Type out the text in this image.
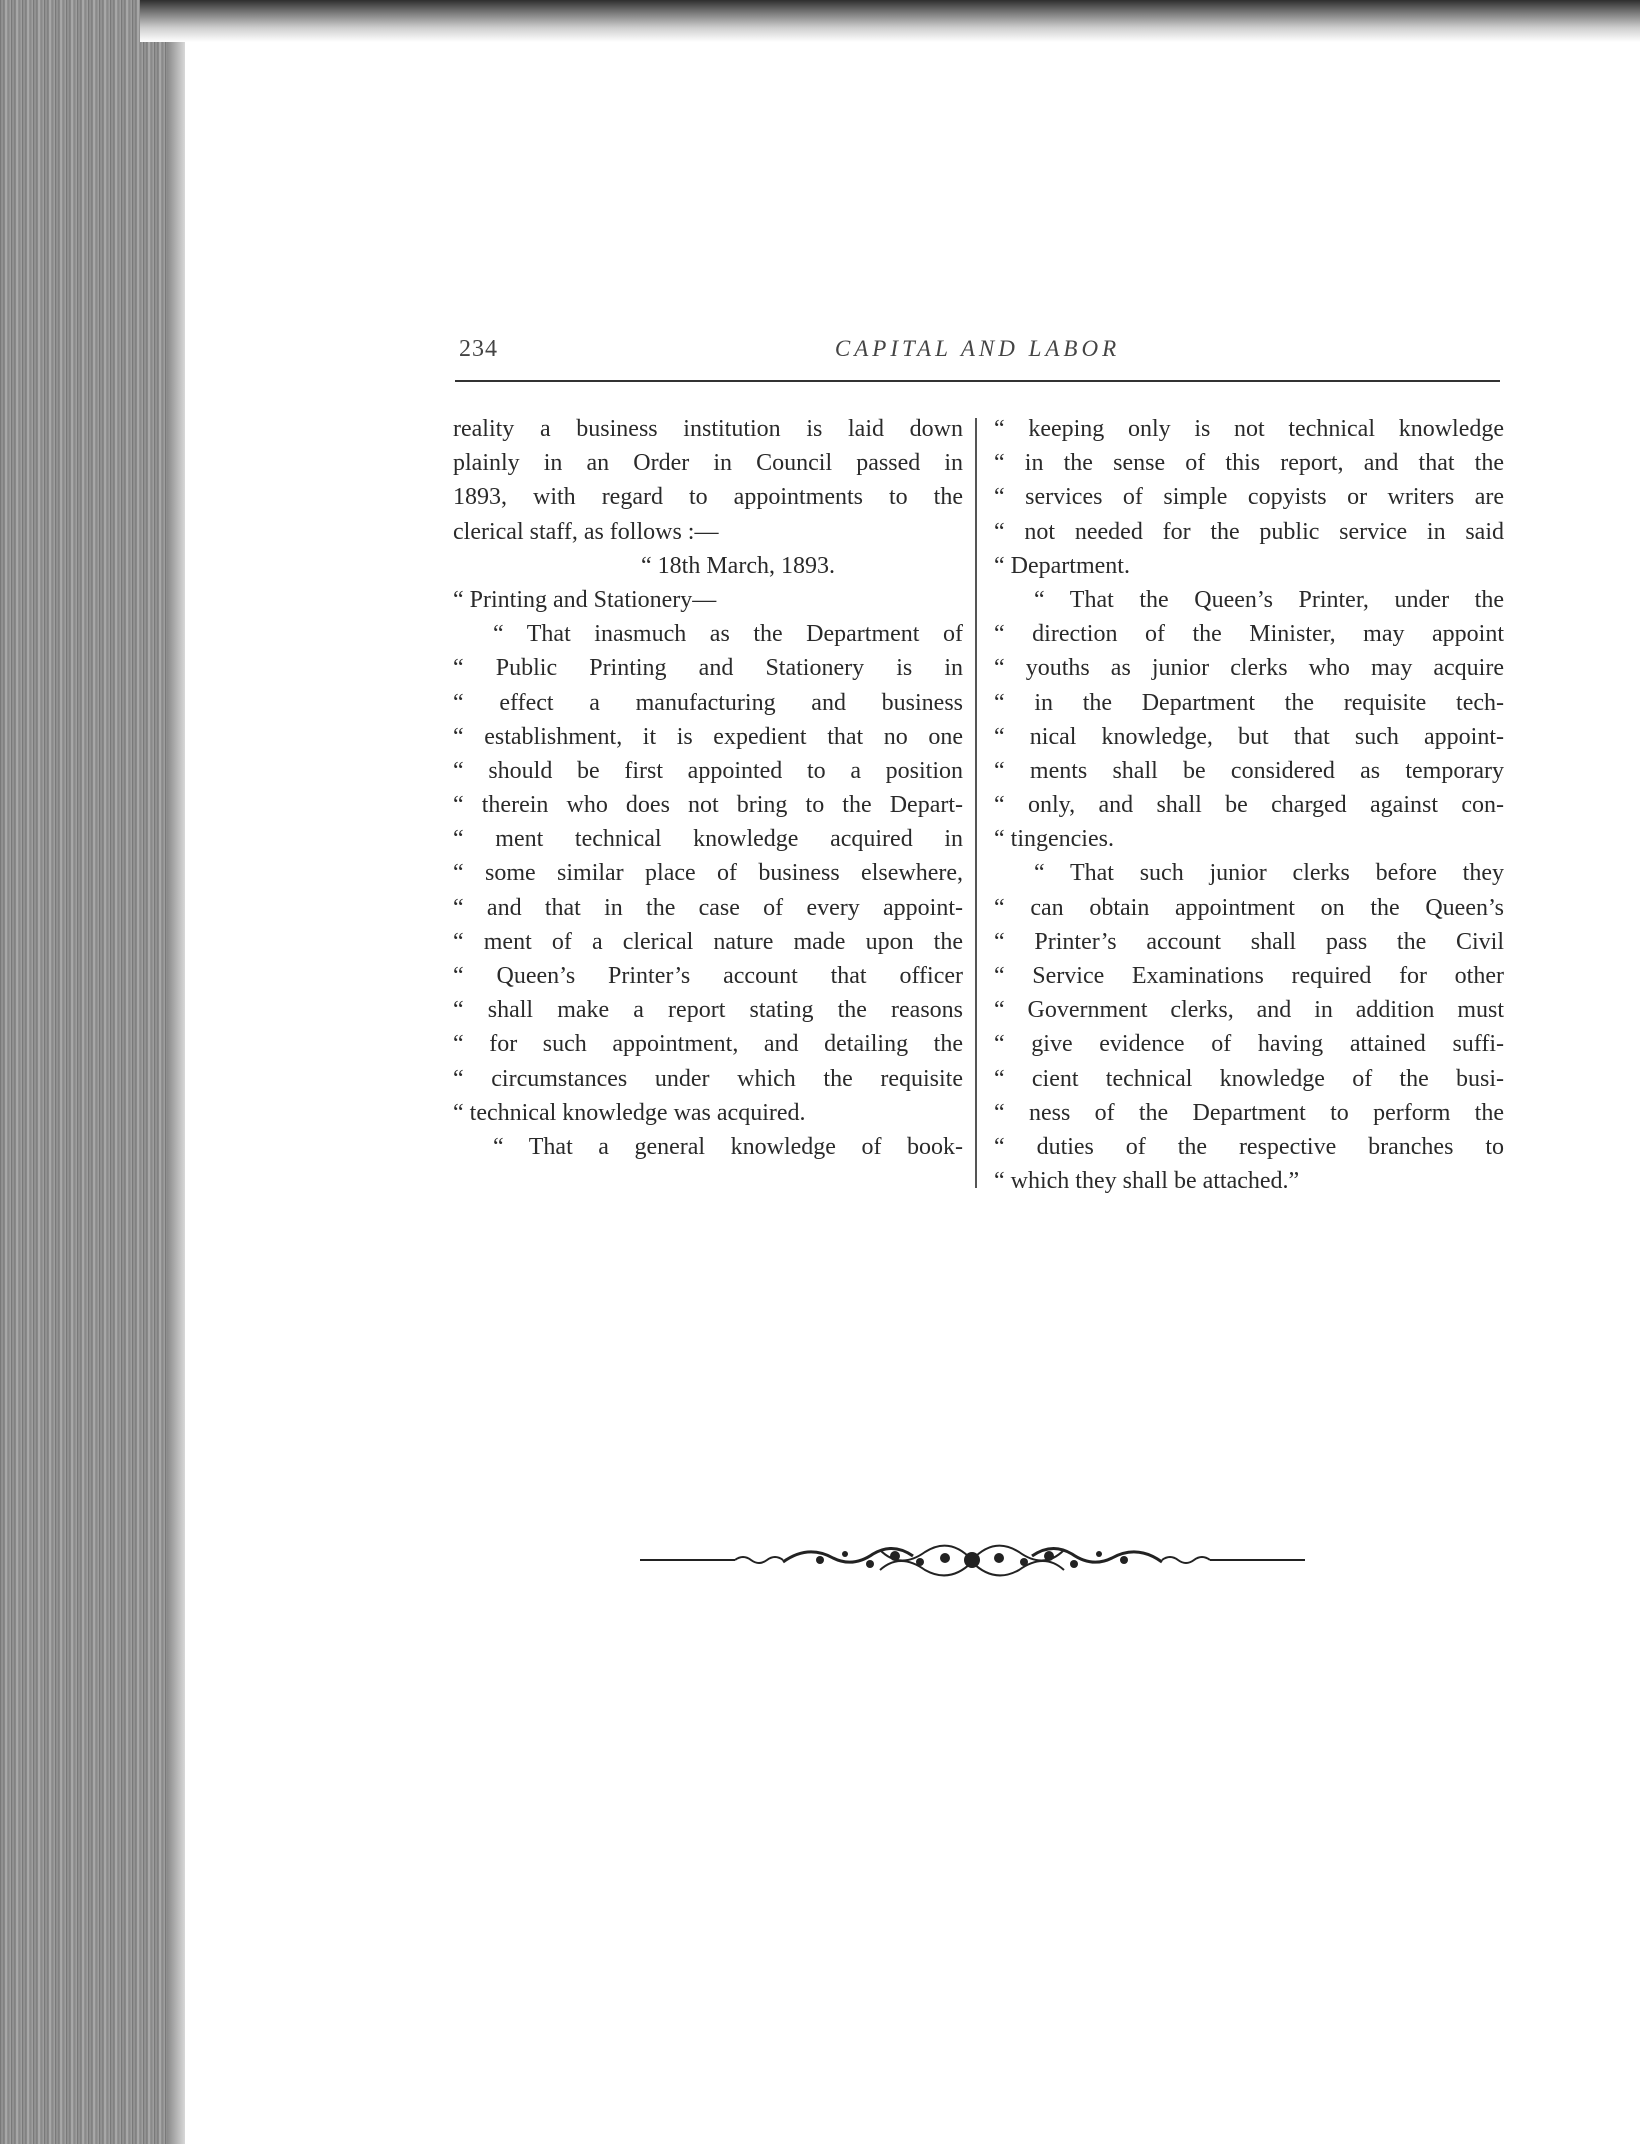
234	CAPITAL AND LABOR
reality a business institution is laid down
plainly in an Order in Council passed in
1893, with regard to appointments to the
clerical staff, as follows :—
“ 18th March, 1893.
“ Printing and Stationery—
“ That inasmuch as the Department of
“ Public Printing and Stationery is in
“ effect a manufacturing and business
“ establishment, it is expedient that no one
“ should be first appointed to a position
“ therein who does not bring to the Depart-
“ ment technical knowledge acquired in
“ some similar place of business elsewhere,
“ and that in the case of every appoint-
“ ment of a clerical nature made upon the
“ Queen’s Printer’s account that officer
“ shall make a report stating the reasons
“ for such appointment, and detailing the
“ circumstances under which the requisite
“ technical knowledge was acquired.
“ That a general knowledge of book-
“ keeping only is not technical knowledge
“ in the sense of this report, and that the
“ services of simple copyists or writers are
“ not needed for the public service in said
“ Department.
“ That the Queen’s Printer, under the
“ direction of the Minister, may appoint
“ youths as junior clerks who may acquire
“ in the Department the requisite tech-
“ nical knowledge, but that such appoint-
“ ments shall be considered as temporary
“ only, and shall be charged against con-
“ tingencies.
“ That such junior clerks before they
“ can obtain appointment on the Queen’s
“ Printer’s account shall pass the Civil
“ Service Examinations required for other
“ Government clerks, and in addition must
“ give evidence of having attained suffi-
“ cient technical knowledge of the busi-
“ ness of the Department to perform the
“ duties of the respective branches to
“ which they shall be attached.”
